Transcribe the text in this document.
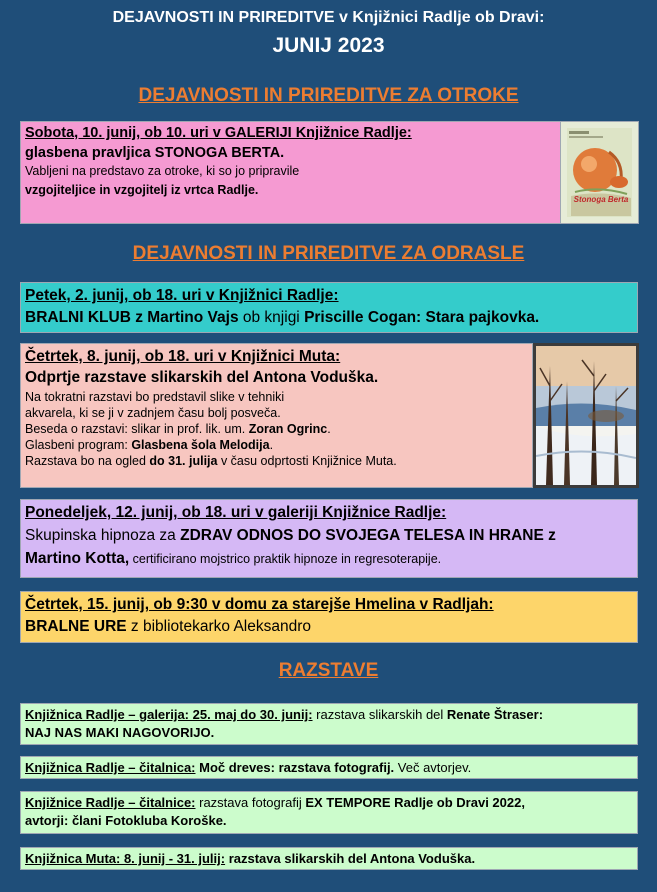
DEJAVNOSTI IN PRIREDITVE v Knjižnici Radlje ob Dravi:
JUNIJ 2023
DEJAVNOSTI IN PRIREDITVE ZA OTROKE
Sobota, 10. junij, ob 10. uri v GALERIJI Knjižnice Radlje:
glasbena pravljica STONOGA BERTA.
Vabljeni na predstavo za otroke, ki so jo pripravile
vzgojiteljice in vzgojitelj iz vrtca Radlje.
Stonoga Berta
DEJAVNOSTI IN PRIREDITVE ZA ODRASLE
Petek, 2. junij, ob 18. uri v Knjižnici Radlje:
BRALNI KLUB z Martino Vajs ob knjigi Priscille Cogan: Stara pajkovka.
Četrtek, 8. junij, ob 18. uri v Knjižnici Muta:
Odprtje razstave slikarskih del Antona Voduška.
Na tokratni razstavi bo predstavil slike v tehniki
akvarela, ki se ji v zadnjem času bolj posveča.
Beseda o razstavi: slikar in prof. lik. um. Zoran Ogrinc.
Glasbeni program: Glasbena šola Melodija.
Razstava bo na ogled do 31. julija v času odprtosti Knjižnice Muta.
Ponedeljek, 12. junij, ob 18. uri v galeriji Knjižnice Radlje:
Skupinska hipnoza za ZDRAV ODNOS DO SVOJEGA TELESA IN HRANE z
Martino Kotta, certificirano mojstrico praktik hipnoze in regresoterapije.
Četrtek, 15. junij, ob 9:30 v domu za starejše Hmelina v Radljah:
BRALNE URE z bibliotekarko Aleksandro
RAZSTAVE
Knjižnica Radlje – galerija: 25. maj do 30. junij: razstava slikarskih del Renate Štraser:
NAJ NAS MAKI NAGOVORIJO.
Knjižnica Radlje – čitalnica: Moč dreves: razstava fotografij. Več avtorjev.
Knjižnice Radlje – čitalnice: razstava fotografij EX TEMPORE Radlje ob Dravi 2022,
avtorji: člani Fotokluba Koroške.
Knjižnica Muta: 8. junij - 31. julij: razstava slikarskih del Antona Voduška.
